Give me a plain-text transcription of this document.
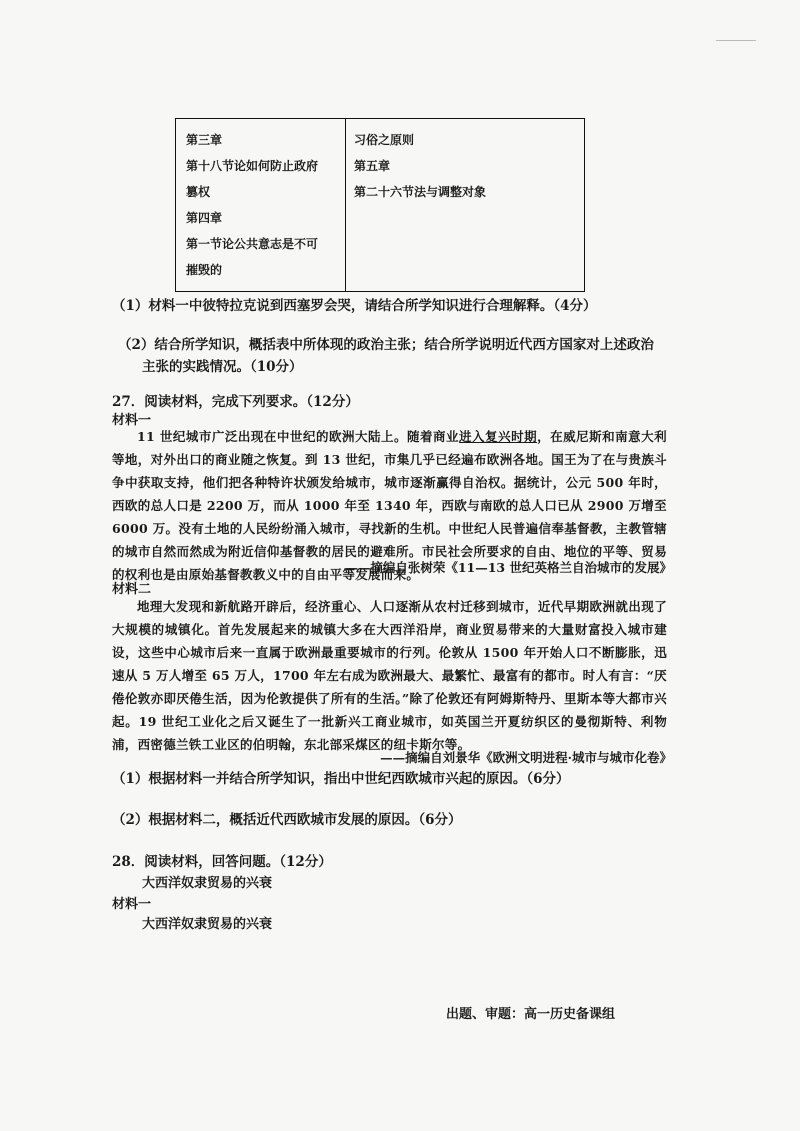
第三章
第十八节论如何防止政府
篡权
第四章
第一节论公共意志是不可
摧毁的
习俗之原则
第五章
第二十六节法与调整对象
（1）材料一中彼特拉克说到西塞罗会哭，请结合所学知识进行合理解释。（4分）
（2）结合所学知识，概括表中所体现的政治主张；结合所学说明近代西方国家对上述政治
主张的实践情况。（10分）
27．阅读材料，完成下列要求。（12分）
材料一
11 世纪城市广泛出现在中世纪的欧洲大陆上。随着商业进入复兴时期，在威尼斯和南意大利等地，对外出口的商业随之恢复。到 13 世纪，市集几乎已经遍布欧洲各地。国王为了在与贵族斗争中获取支持，他们把各种特许状颁发给城市，城市逐渐赢得自治权。据统计，公元 500 年时，西欧的总人口是 2200 万，而从 1000 年至 1340 年，西欧与南欧的总人口已从 2900 万增至 6000 万。没有土地的人民纷纷涌入城市，寻找新的生机。中世纪人民普遍信奉基督教，主教管辖的城市自然而然成为附近信仰基督教的居民的避难所。市民社会所要求的自由、地位的平等、贸易的权利也是由原始基督教教义中的自由平等发展而来。
——摘编自张树荣《11—13 世纪英格兰自治城市的发展》
材料二
地理大发现和新航路开辟后，经济重心、人口逐渐从农村迁移到城市，近代早期欧洲就出现了大规模的城镇化。首先发展起来的城镇大多在大西洋沿岸，商业贸易带来的大量财富投入城市建设，这些中心城市后来一直属于欧洲最重要城市的行列。伦敦从 1500 年开始人口不断膨胀，迅速从 5 万人增至 65 万人，1700 年左右成为欧洲最大、最繁忙、最富有的都市。时人有言：“厌倦伦敦亦即厌倦生活，因为伦敦提供了所有的生活。”除了伦敦还有阿姆斯特丹、里斯本等大都市兴起。19 世纪工业化之后又诞生了一批新兴工商业城市，如英国兰开夏纺织区的曼彻斯特、利物浦，西密德兰铁工业区的伯明翰，东北部采煤区的纽卡斯尔等。
——摘编自刘景华《欧洲文明进程·城市与城市化卷》
（1）根据材料一并结合所学知识，指出中世纪西欧城市兴起的原因。（6分）
（2）根据材料二，概括近代西欧城市发展的原因。（6分）
28．阅读材料，回答问题。（12分）
大西洋奴隶贸易的兴衰
材料一
大西洋奴隶贸易的兴衰
出题、审题：高一历史备课组
